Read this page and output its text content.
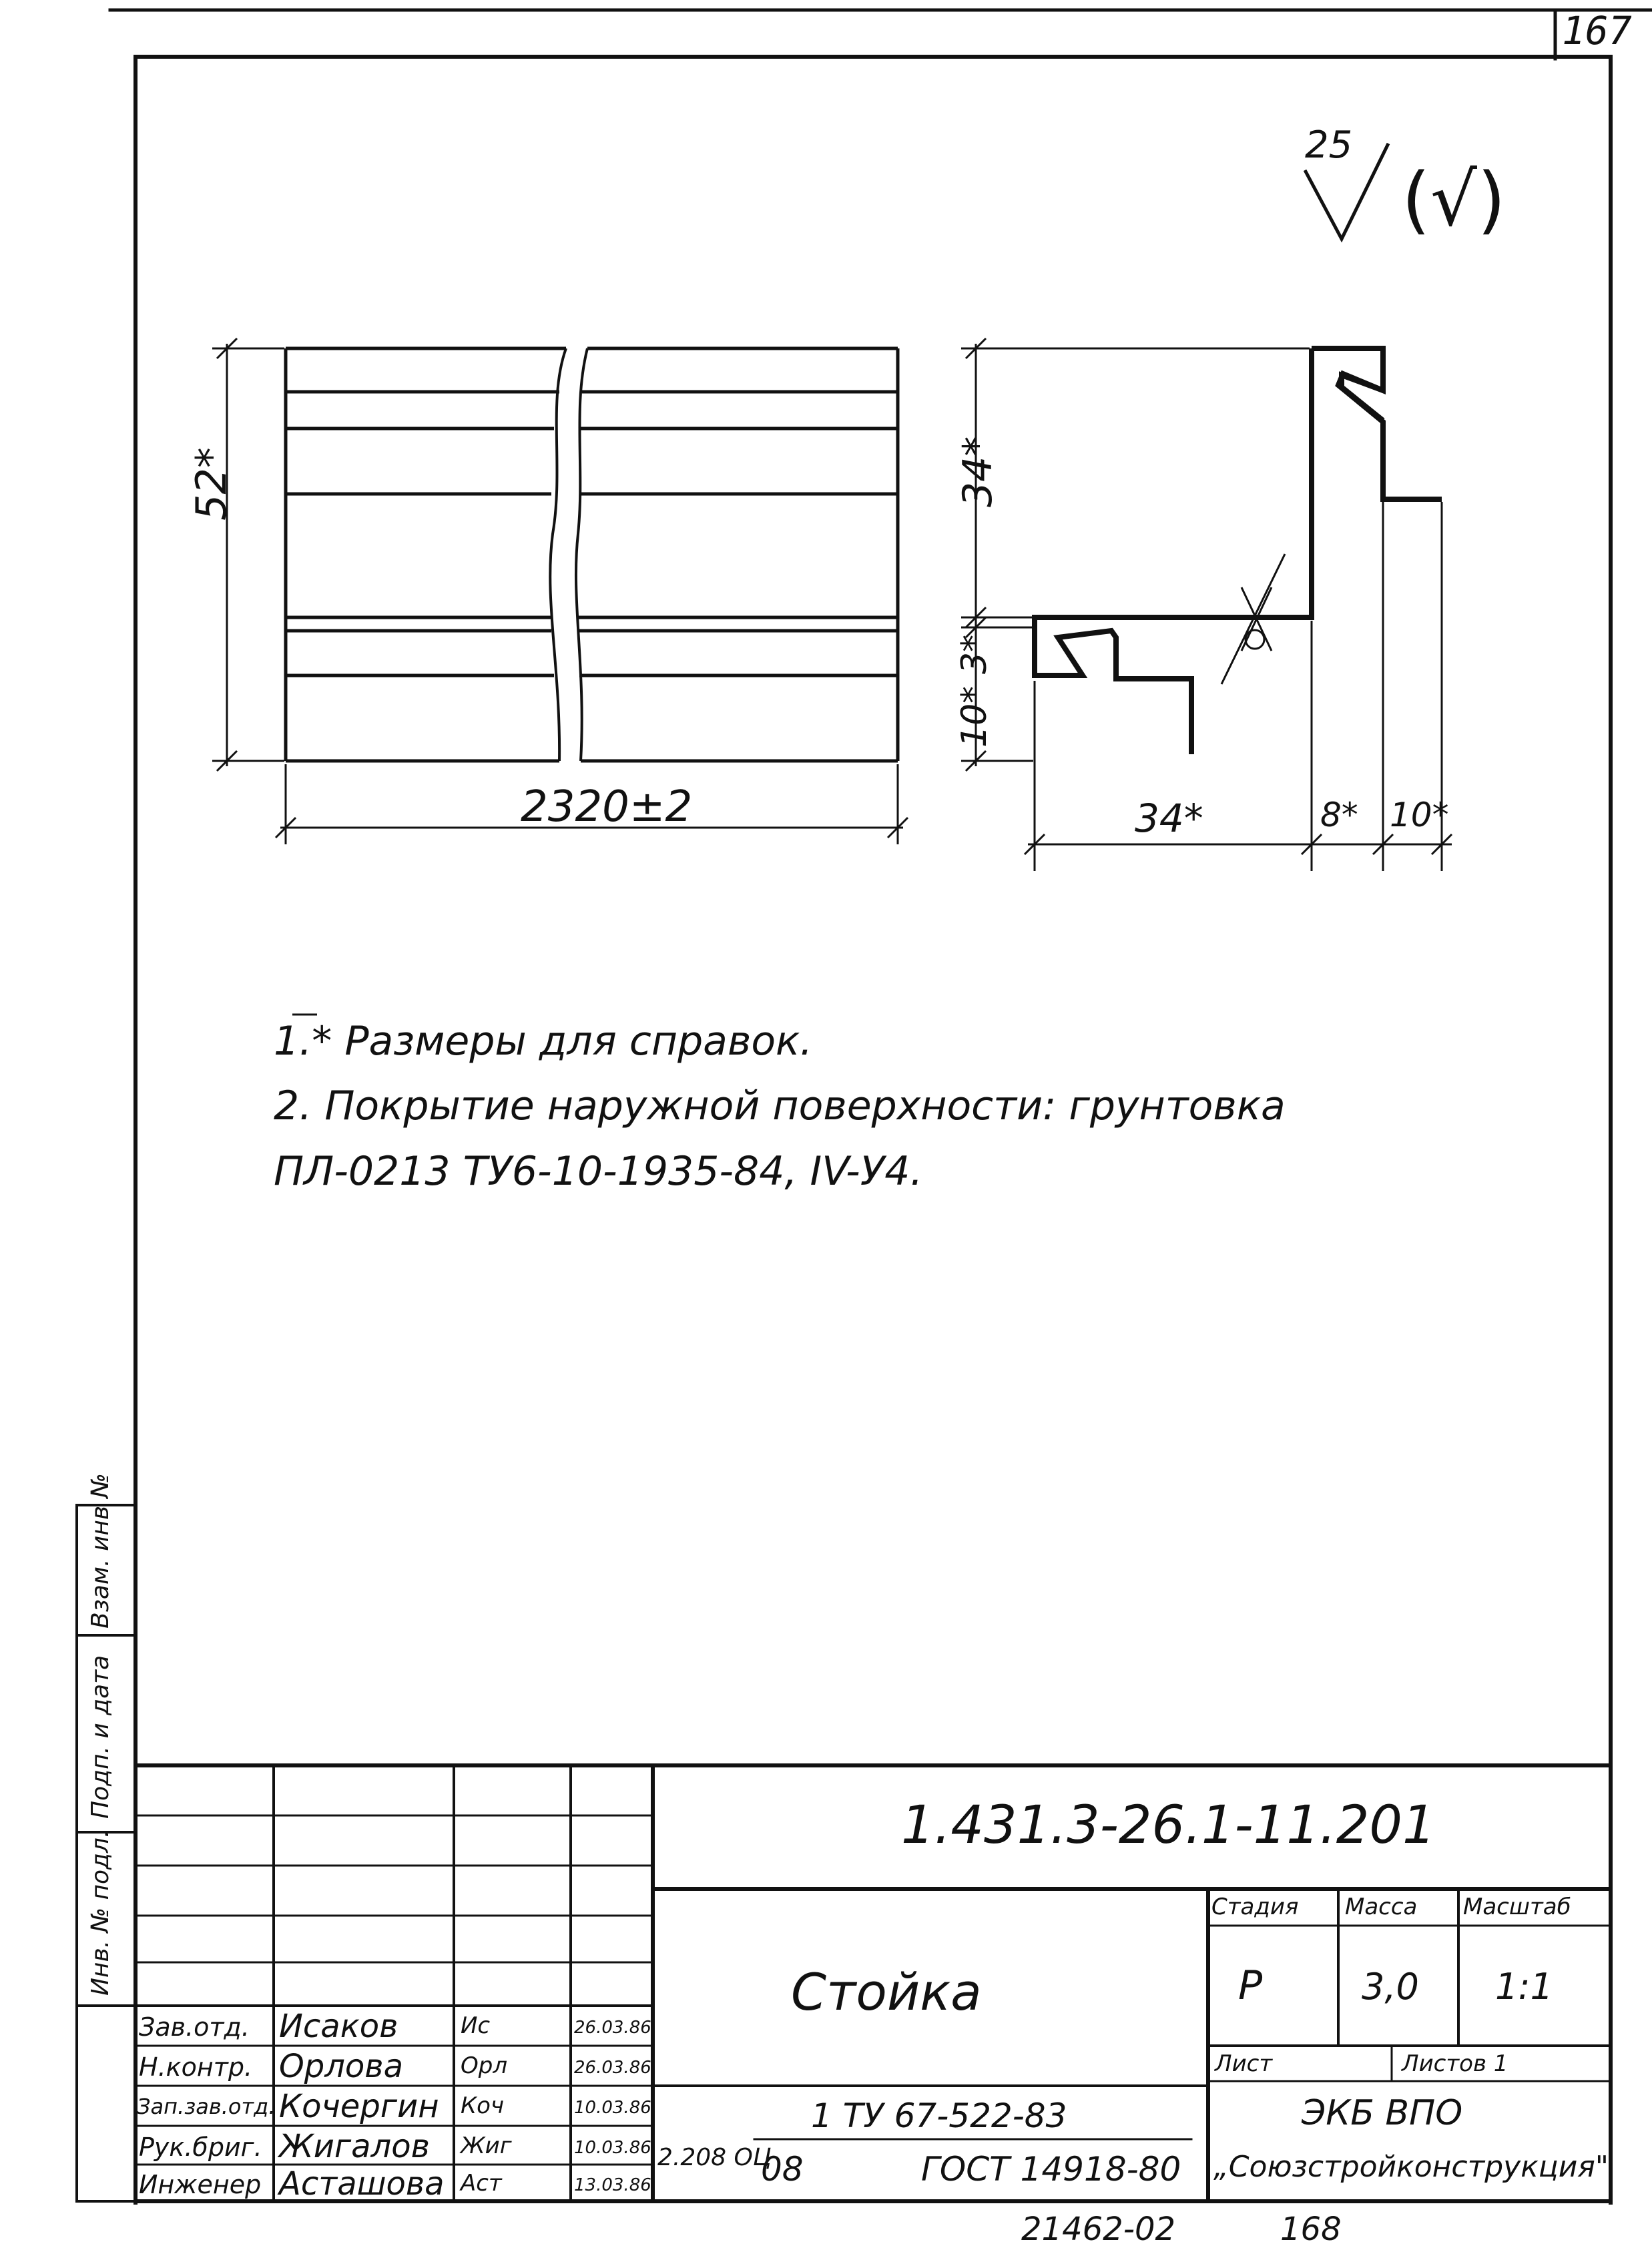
167
25
(√)
52*
2320±2
34*
3*
10*
34*	8* 10*
1.* Размеры для справок.
2. Покрытие наружной поверхности: грунтовка
ПЛ-0213 ТУ6-10-1935-84, IV-У4.
Взам. инв №
Подп. и дата
Инв. № подл.
1.431.3-26.1-11.201
Стойка
Стадия Масса Масштаб
Р	3,0 1:1
Лист	Листов 1
ЭКБ ВПО
„Союзстройконструкция"
2.208 ОЦ
1 ТУ 67-522-83
08	ГОСТ 14918-80
Зав.отд. Исаков	Ис	26.03.86
Н.контр. Орлова	Орл	26.03.86
Зап.зав.отд. Кочергин Коч	10.03.86
Рук.бриг. Жигалов Жиг	10.03.86
Инженер Асташова Аст	13.03.86
21462-02	168
